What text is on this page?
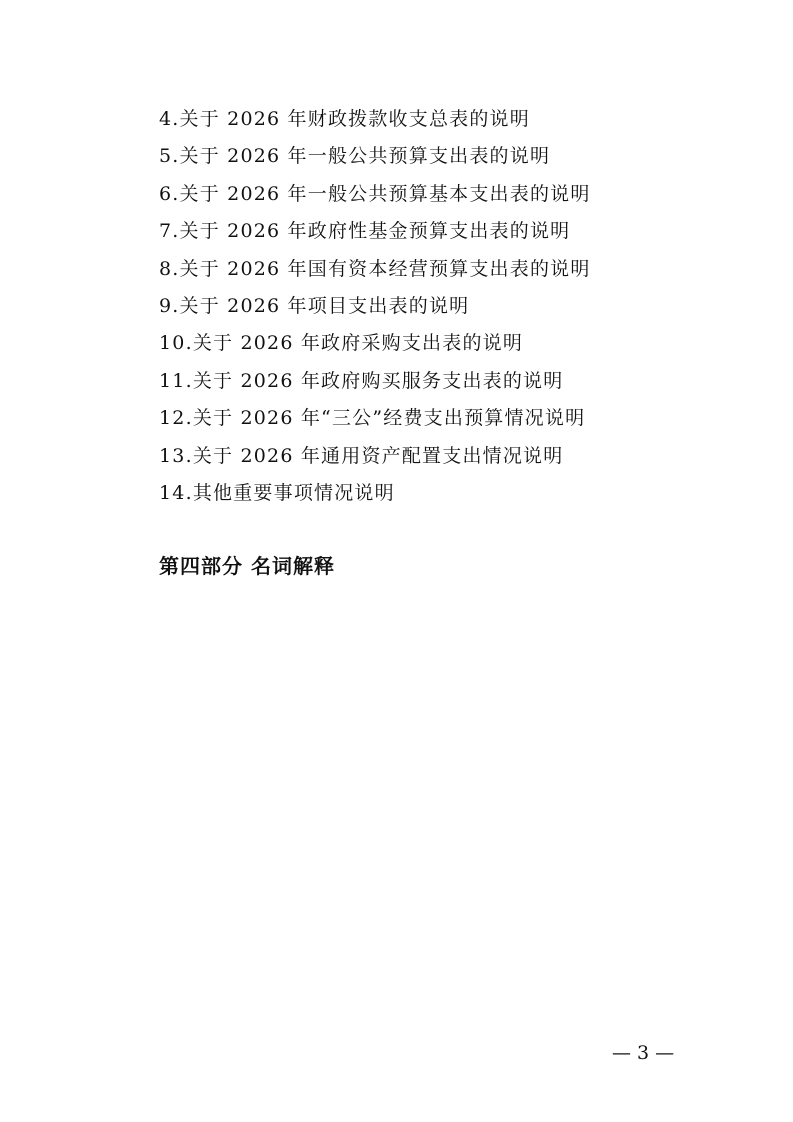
4.关于 2026 年财政拨款收支总表的说明
5.关于 2026 年一般公共预算支出表的说明
6.关于 2026 年一般公共预算基本支出表的说明
7.关于 2026 年政府性基金预算支出表的说明
8.关于 2026 年国有资本经营预算支出表的说明
9.关于 2026 年项目支出表的说明
10.关于 2026 年政府采购支出表的说明
11.关于 2026 年政府购买服务支出表的说明
12.关于 2026 年“三公”经费支出预算情况说明
13.关于 2026 年通用资产配置支出情况说明
14.其他重要事项情况说明
第四部分 名词解释
— 3 —
